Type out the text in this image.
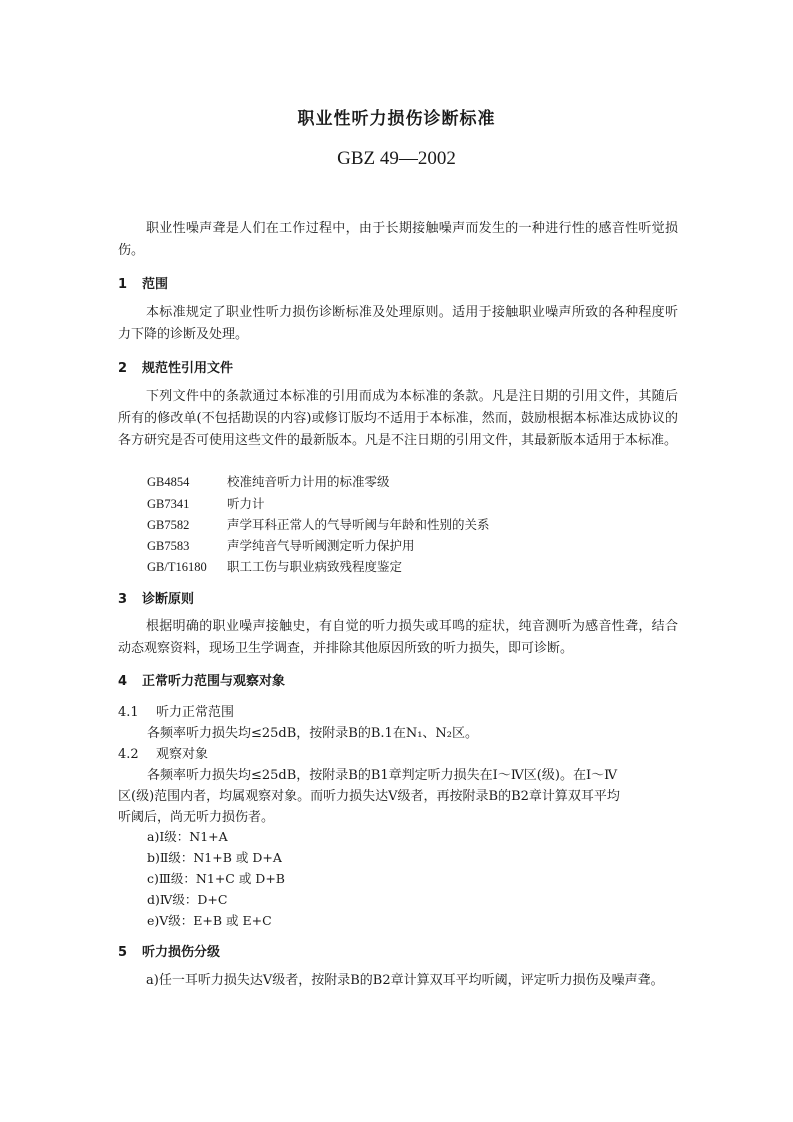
职业性听力损伤诊断标准
GBZ 49—2002

职业性噪声聋是人们在工作过程中，由于长期接触噪声而发生的一种进行性的感音性听觉损伤。

1 范围

本标准规定了职业性听力损伤诊断标准及处理原则。适用于接触职业噪声所致的各种程度听力下降的诊断及处理。

2 规范性引用文件

下列文件中的条款通过本标准的引用而成为本标准的条款。凡是注日期的引用文件，其随后所有的修改单(不包括勘误的内容)或修订版均不适用于本标准，然而，鼓励根据本标准达成协议的各方研究是否可使用这些文件的最新版本。凡是不注日期的引用文件，其最新版本适用于本标准。

GB4854	校准纯音听力计用的标准零级
GB7341	听力计
GB7582	声学耳科正常人的气导听阈与年龄和性别的关系
GB7583	声学纯音气导听阈测定听力保护用
GB/T16180 职工工伤与职业病致残程度鉴定
3 诊断原则

根据明确的职业噪声接触史，有自觉的听力损失或耳鸣的症状，纯音测听为感音性聋，结合动态观察资料，现场卫生学调查，并排除其他原因所致的听力损失，即可诊断。

4 正常听力范围与观察对象
4.1 听力正常范围
各频率听力损失均≤25dB，按附录B的B.1在N₁、N₂区。
4.2 观察对象
各频率听力损失均≤25dB，按附录B的B1章判定听力损失在Ⅰ～Ⅳ区(级)。在Ⅰ～Ⅳ
区(级)范围内者，均属观察对象。而听力损失达Ⅴ级者，再按附录B的B2章计算双耳平均
听阈后，尚无听力损伤者。
a)Ⅰ级：N1+A
b)Ⅱ级：N1+B 或 D+A
c)Ⅲ级：N1+C 或 D+B
d)Ⅳ级：D+C
e)Ⅴ级：E+B 或 E+C
5 听力损伤分级

a)任一耳听力损失达Ⅴ级者，按附录B的B2章计算双耳平均听阈，评定听力损伤及噪声聋。
